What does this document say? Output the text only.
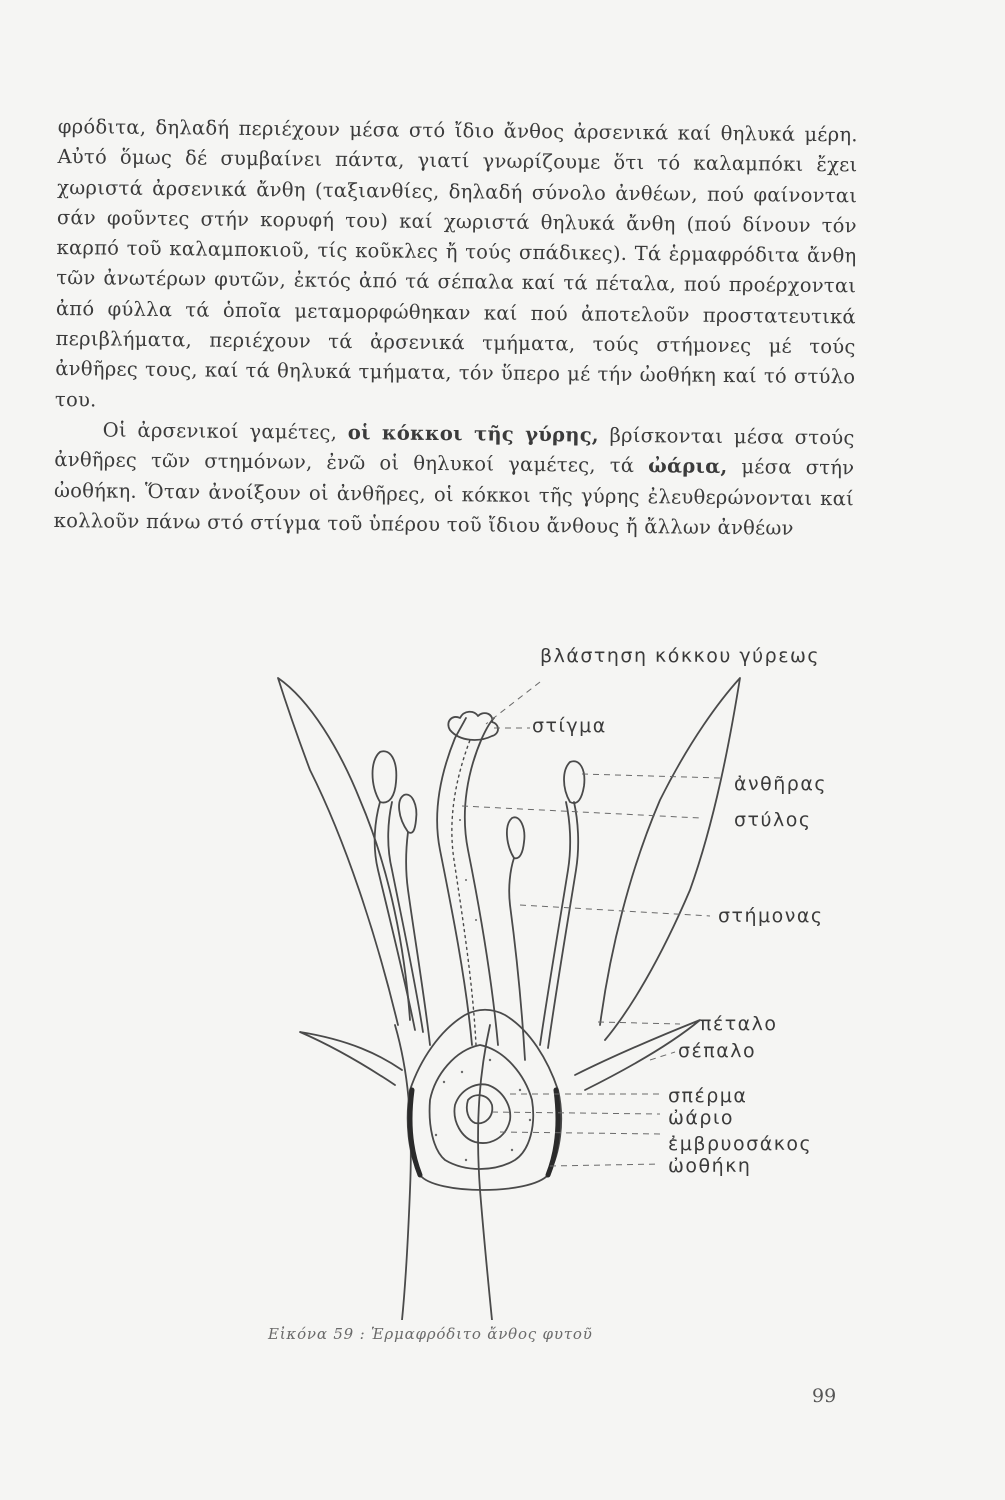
φρόδιτα, δηλαδή περιέχουν μέσα στό ἴδιο ἄνθος ἀρσενικά καί θηλυκά μέρη. Αὐτό ὅμως δέ συμβαίνει πάντα, γιατί γνωρίζουμε ὅτι τό καλαμπόκι ἔχει χωριστά ἀρσενικά ἄνθη (ταξιανθίες, δηλαδή σύνολο ἀνθέων, πού φαίνονται σάν φοῦντες στήν κορυφή του) καί χωριστά θηλυκά ἄνθη (πού δίνουν τόν καρπό τοῦ καλαμποκιοῦ, τίς κοῦκλες ἤ τούς σπάδικες). Τά ἑρμαφρόδιτα ἄνθη τῶν ἀνωτέρων φυτῶν, ἐκτός ἀπό τά σέπαλα καί τά πέταλα, πού προέρχονται ἀπό φύλλα τά ὁποῖα μεταμορφώθηκαν καί πού ἀποτελοῦν προστατευτικά περιβλήματα, περιέχουν τά ἀρσενικά τμήματα, τούς στήμονες μέ τούς ἀνθῆρες τους, καί τά θηλυκά τμήματα, τόν ὕπερο μέ τήν ὠοθήκη καί τό στύλο του.

Οἱ ἀρσενικοί γαμέτες, οἱ κόκκοι τῆς γύρης, βρίσκονται μέσα στούς ἀνθῆρες τῶν στημόνων, ἐνῶ οἱ θηλυκοί γαμέτες, τά ὠάρια, μέσα στήν ὠοθήκη. Ὅταν ἀνοίξουν οἱ ἀνθῆρες, οἱ κόκκοι τῆς γύρης ἐλευθερώνονται καί κολλοῦν πάνω στό στίγμα τοῦ ὑπέρου τοῦ ἴδιου ἄνθους ἤ ἄλλων ἀνθέων

βλάστηση κόκκου γύρεως
στίγμα
ἀνθῆρας
στύλος
στήμονας
πέταλο
σέπαλο
σπέρμα
ὠάριο
ἐμβρυοσάκος
ὠοθήκη
Εἰκόνα 59 : Ἑρμαφρόδιτο ἄνθος φυτοῦ
99
